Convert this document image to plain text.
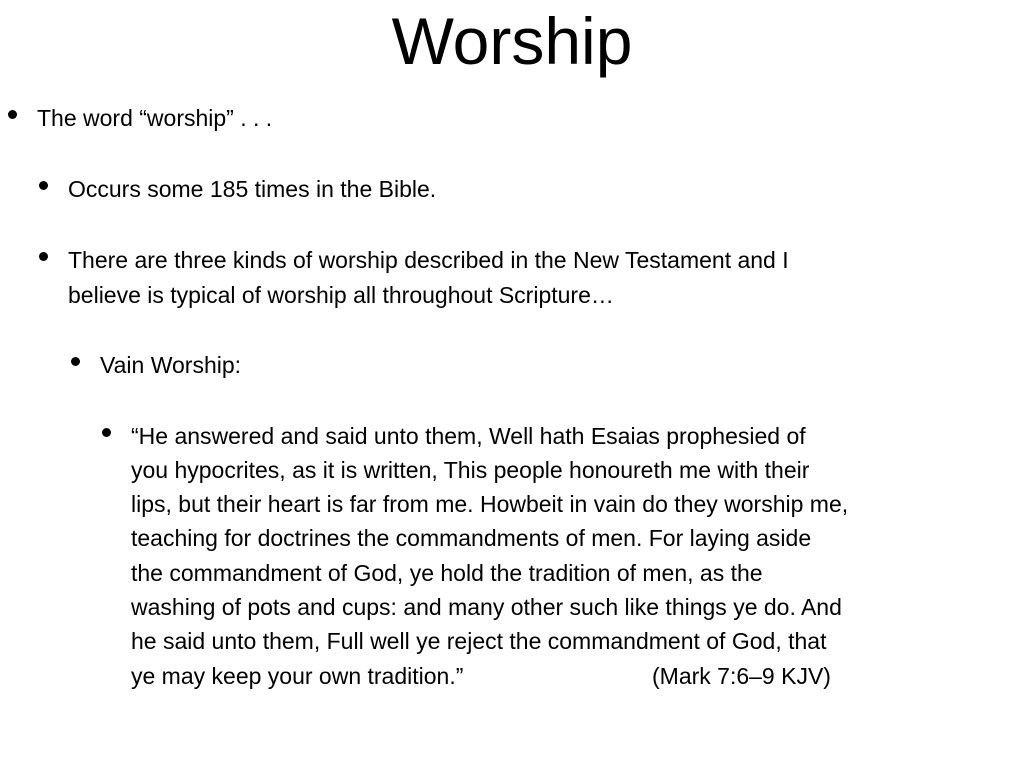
Worship
The word “worship” . . .
Occurs some 185 times in the Bible.
There are three kinds of worship described in the New Testament and I
believe is typical of worship all throughout Scripture…
Vain Worship:
“He answered and said unto them, Well hath Esaias prophesied of
you hypocrites, as it is written, This people honoureth me with their
lips, but their heart is far from me. Howbeit in vain do they worship me,
teaching for doctrines the commandments of men. For laying aside
the commandment of God, ye hold the tradition of men, as the
washing of pots and cups: and many other such like things ye do. And
he said unto them, Full well ye reject the commandment of God, that
ye may keep your own tradition.”	(Mark 7:6–9 KJV)
